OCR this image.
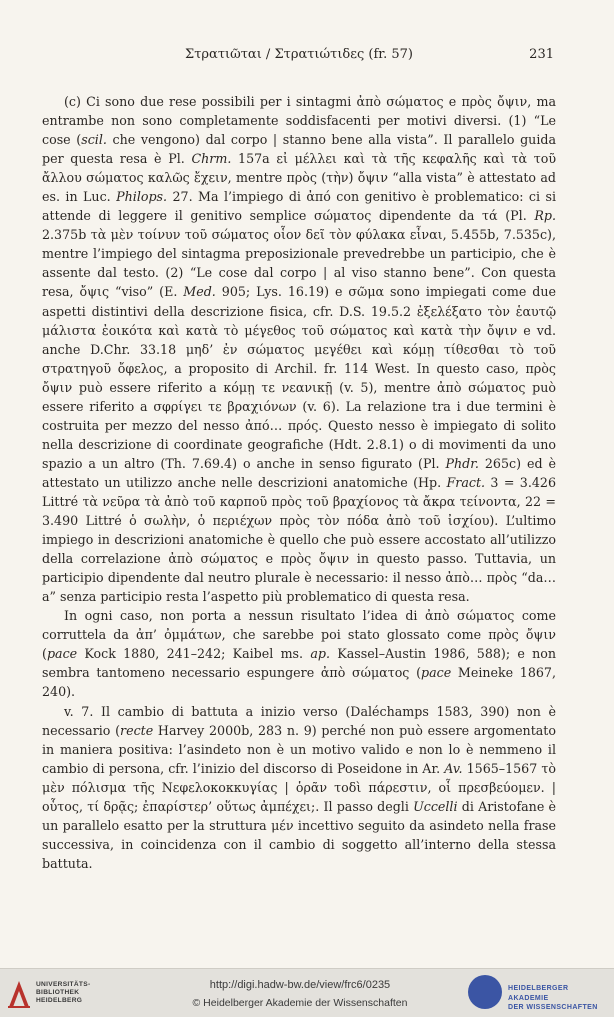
Στρατιῶται / Στρατιώτιδες (fr. 57)	231

(c) Ci sono due rese possibili per i sintagmi ἀπὸ σώματος e πρὸς ὄψιν, ma entrambe non sono completamente soddisfacenti per motivi diversi. (1) “Le cose (scil. che vengono) dal corpo | stanno bene alla vista”. Il parallelo guida per questa resa è Pl. Chrm. 157a εἰ μέλλει καὶ τὰ τῆς κεφαλῆς καὶ τὰ τοῦ ἄλλου σώματος καλῶς ἔχειν, mentre πρὸς (τὴν) ὄψιν “alla vista” è attestato ad es. in Luc. Philops. 27. Ma l’impiego di ἀπό con genitivo è problematico: ci si attende di leggere il genitivo semplice σώματος dipendente da τά (Pl. Rp. 2.375b τὰ μὲν τοίνυν τοῦ σώματος οἷον δεῖ τὸν φύλακα εἶναι, 5.455b, 7.535c), mentre l’impiego del sintagma preposizionale prevedrebbe un participio, che è assente dal testo. (2) “Le cose dal corpo | al viso stanno bene”. Con questa resa, ὄψις “viso” (E. Med. 905; Lys. 16.19) e σῶμα sono impiegati come due aspetti distintivi della descrizione fisica, cfr. D.S. 19.5.2 ἐξελέξατο τὸν ἑαυτῷ μάλιστα ἐοικότα καὶ κατὰ τὸ μέγεθος τοῦ σώματος καὶ κατὰ τὴν ὄψιν e vd. anche D.Chr. 33.18 μηδ’ ἐν σώματος μεγέθει καὶ κόμῃ τίθεσθαι τὸ τοῦ στρατηγοῦ ὄφελος, a proposito di Archil. fr. 114 West. In questo caso, πρὸς ὄψιν può essere riferito a κόμῃ τε νεανικῇ (v. 5), mentre ἀπὸ σώματος può essere riferito a σφρίγει τε βραχιόνων (v. 6). La relazione tra i due termini è costruita per mezzo del nesso ἀπό… πρός. Questo nesso è impiegato di solito nella descrizione di coordinate geografiche (Hdt. 2.8.1) o di movimenti da uno spazio a un altro (Th. 7.69.4) o anche in senso figurato (Pl. Phdr. 265c) ed è attestato un utilizzo anche nelle descrizioni anatomiche (Hp. Fract. 3 = 3.426 Littré τὰ νεῦρα τὰ ἀπὸ τοῦ καρποῦ πρὸς τοῦ βραχίονος τὰ ἄκρα τείνοντα, 22 = 3.490 Littré ὁ σωλὴν, ὁ περιέχων πρὸς τὸν πόδα ἀπὸ τοῦ ἰσχίου). L’ultimo impiego in descrizioni anatomiche è quello che può essere accostato all’utilizzo della correlazione ἀπὸ σώματος e πρὸς ὄψιν in questo passo. Tuttavia, un participio dipendente dal neutro plurale è necessario: il nesso ἀπὸ… πρὸς “da… a” senza participio resta l’aspetto più problematico di questa resa.

In ogni caso, non porta a nessun risultato l’idea di ἀπὸ σώματος come corruttela da ἀπ’ ὀμμάτων, che sarebbe poi stato glossato come πρὸς ὄψιν (pace Kock 1880, 241–242; Kaibel ms. ap. Kassel–Austin 1986, 588); e non sembra tantomeno necessario espungere ἀπὸ σώματος (pace Meineke 1867, 240).

v. 7. Il cambio di battuta a inizio verso (Daléchamps 1583, 390) non è necessario (recte Harvey 2000b, 283 n. 9) perché non può essere argomentato in maniera positiva: l’asindeto non è un motivo valido e non lo è nemmeno il cambio di persona, cfr. l’inizio del discorso di Poseidone in Ar. Av. 1565–1567 τὸ μὲν πόλισμα τῆς Νεφελοκοκκυγίας | ὁρᾶν τοδὶ πάρεστιν, οἷ πρεσβεύομεν. | οὗτος, τί δρᾷς; ἐπαρίστερ’ οὕτως ἀμπέχει;. Il passo degli Uccelli di Aristofane è un parallelo esatto per la struttura μέν incettivo seguito da asindeto nella frase successiva, in coincidenza con il cambio di soggetto all’interno della stessa battuta.

UNIVERSITÄTS-
BIBLIOTHEK
HEIDELBERG
http://digi.hadw-bw.de/view/frc6/0235
© Heidelberger Akademie der Wissenschaften
HEIDELBERGER AKADEMIE
DER WISSENSCHAFTEN
